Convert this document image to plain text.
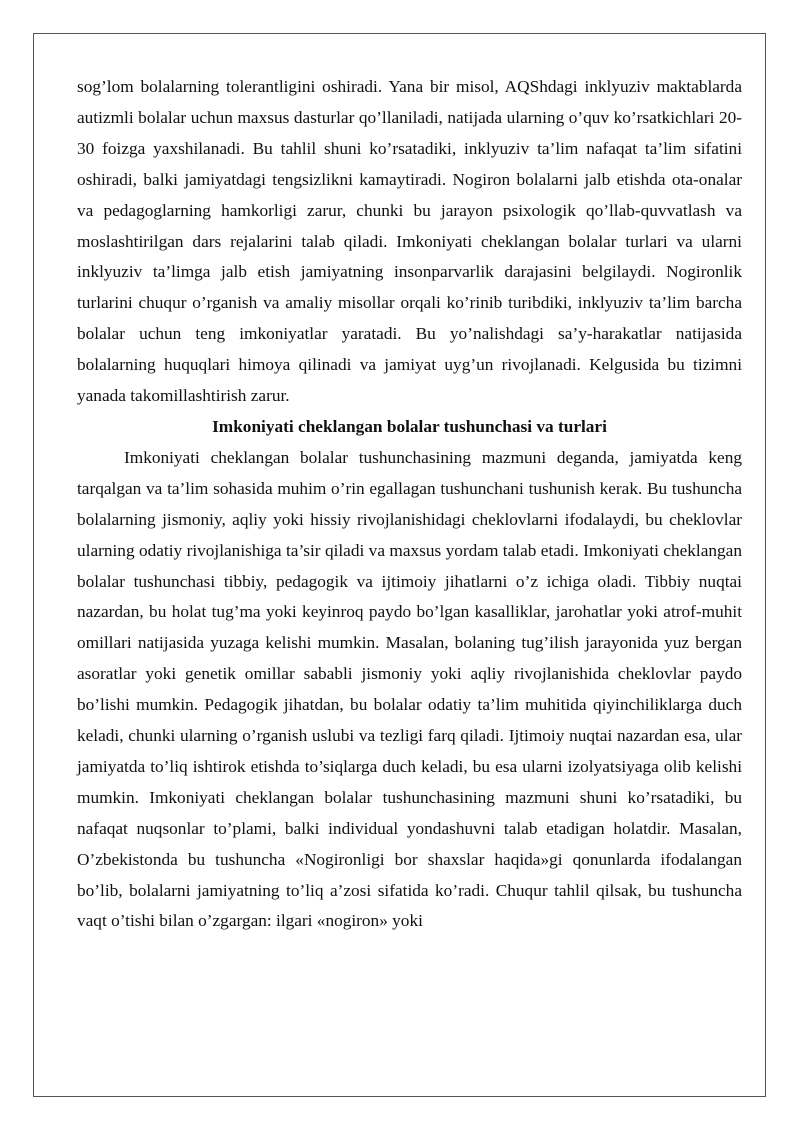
sog’lom bolalarning tolerantligini oshiradi. Yana bir misol, AQShdagi inklyuziv maktablarda autizmli bolalar uchun maxsus dasturlar qo’llaniladi, natijada ularning o’quv ko’rsatkichlari 20-30 foizga yaxshilanadi. Bu tahlil shuni ko’rsatadiki, inklyuziv ta’lim nafaqat ta’lim sifatini oshiradi, balki jamiyatdagi tengsizlikni kamaytiradi. Nogiron bolalarni jalb etishda ota-onalar va pedagoglarning hamkorligi zarur, chunki bu jarayon psixologik qo’llab-quvvatlash va moslashtirilgan dars rejalarini talab qiladi. Imkoniyati cheklangan bolalar turlari va ularni inklyuziv ta’limga jalb etish jamiyatning insonparvarlik darajasini belgilaydi. Nogironlik turlarini chuqur o’rganish va amaliy misollar orqali ko’rinib turibdiki, inklyuziv ta’lim barcha bolalar uchun teng imkoniyatlar yaratadi. Bu yo’nalishdagi sa’y-harakatlar natijasida bolalarning huquqlari himoya qilinadi va jamiyat uyg’un rivojlanadi. Kelgusida bu tizimni yanada takomillashtirish zarur.

Imkoniyati cheklangan bolalar tushunchasi va turlari

Imkoniyati cheklangan bolalar tushunchasining mazmuni deganda, jamiyatda keng tarqalgan va ta’lim sohasida muhim o’rin egallagan tushunchani tushunish kerak. Bu tushuncha bolalarning jismoniy, aqliy yoki hissiy rivojlanishidagi cheklovlarni ifodalaydi, bu cheklovlar ularning odatiy rivojlanishiga ta’sir qiladi va maxsus yordam talab etadi. Imkoniyati cheklangan bolalar tushunchasi tibbiy, pedagogik va ijtimoiy jihatlarni o’z ichiga oladi. Tibbiy nuqtai nazardan, bu holat tug’ma yoki keyinroq paydo bo’lgan kasalliklar, jarohatlar yoki atrof-muhit omillari natijasida yuzaga kelishi mumkin. Masalan, bolaning tug’ilish jarayonida yuz bergan asoratlar yoki genetik omillar sababli jismoniy yoki aqliy rivojlanishida cheklovlar paydo bo’lishi mumkin. Pedagogik jihatdan, bu bolalar odatiy ta’lim muhitida qiyinchiliklarga duch keladi, chunki ularning o’rganish uslubi va tezligi farq qiladi. Ijtimoiy nuqtai nazardan esa, ular jamiyatda to’liq ishtirok etishda to’siqlarga duch keladi, bu esa ularni izolyatsiyaga olib kelishi mumkin. Imkoniyati cheklangan bolalar tushunchasining mazmuni shuni ko’rsatadiki, bu nafaqat nuqsonlar to’plami, balki individual yondashuvni talab etadigan holatdir. Masalan, O’zbekistonda bu tushuncha «Nogironligi bor shaxslar haqida»gi qonunlarda ifodalangan bo’lib, bolalarni jamiyatning to’liq a’zosi sifatida ko’radi. Chuqur tahlil qilsak, bu tushuncha vaqt o’tishi bilan o’zgargan: ilgari «nogiron» yoki
